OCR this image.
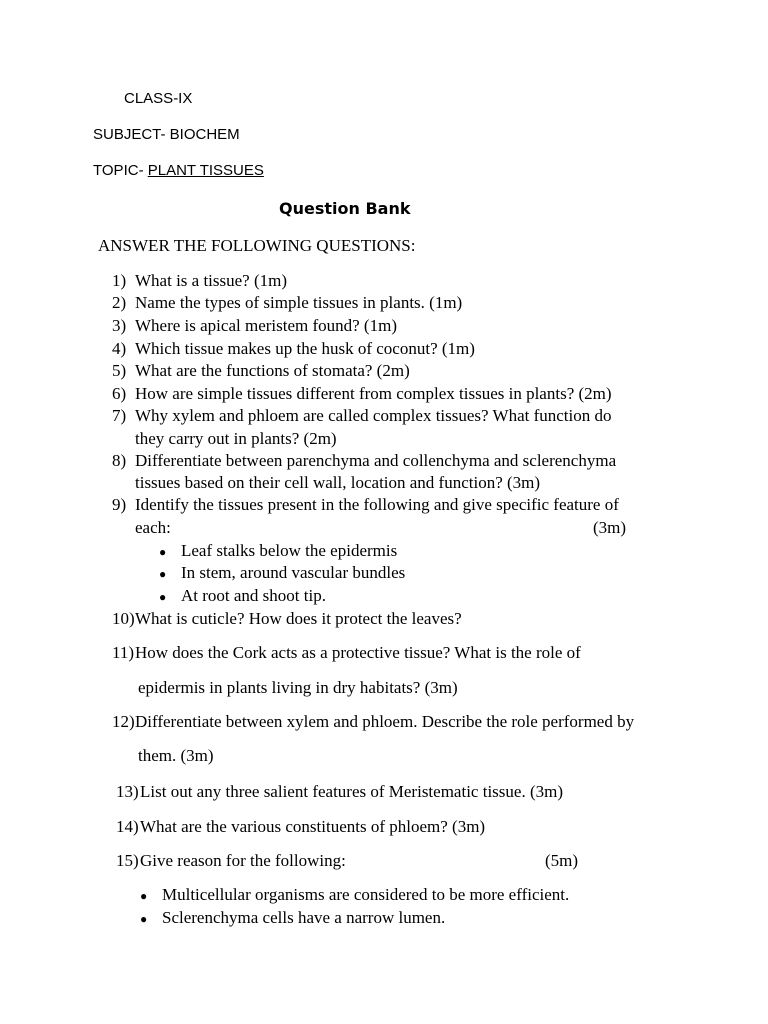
CLASS-IX
SUBJECT- BIOCHEM
TOPIC- PLANT TISSUES
Question Bank
ANSWER THE FOLLOWING QUESTIONS:
1) What is a tissue? (1m)
2) Name the types of simple tissues in plants. (1m)
3) Where is apical meristem found? (1m)
4) Which tissue makes up the husk of coconut? (1m)
5) What are the functions of stomata? (2m)
6) How are simple tissues different from complex tissues in plants? (2m)
7) Why xylem and phloem are called complex tissues? What function do
they carry out in plants? (2m)
8) Differentiate between parenchyma and collenchyma and sclerenchyma
tissues based on their cell wall, location and function? (3m)
9) Identify the tissues present in the following and give specific feature of
each:	(3m)
● Leaf stalks below the epidermis
● In stem, around vascular bundles
● At root and shoot tip.
10) What is cuticle? How does it protect the leaves?
11) How does the Cork acts as a protective tissue? What is the role of
epidermis in plants living in dry habitats? (3m)
12) Differentiate between xylem and phloem. Describe the role performed by
them. (3m)
13) List out any three salient features of Meristematic tissue. (3m)
14) What are the various constituents of phloem? (3m)
15) Give reason for the following:	(5m)
● Multicellular organisms are considered to be more efficient.
● Sclerenchyma cells have a narrow lumen.
